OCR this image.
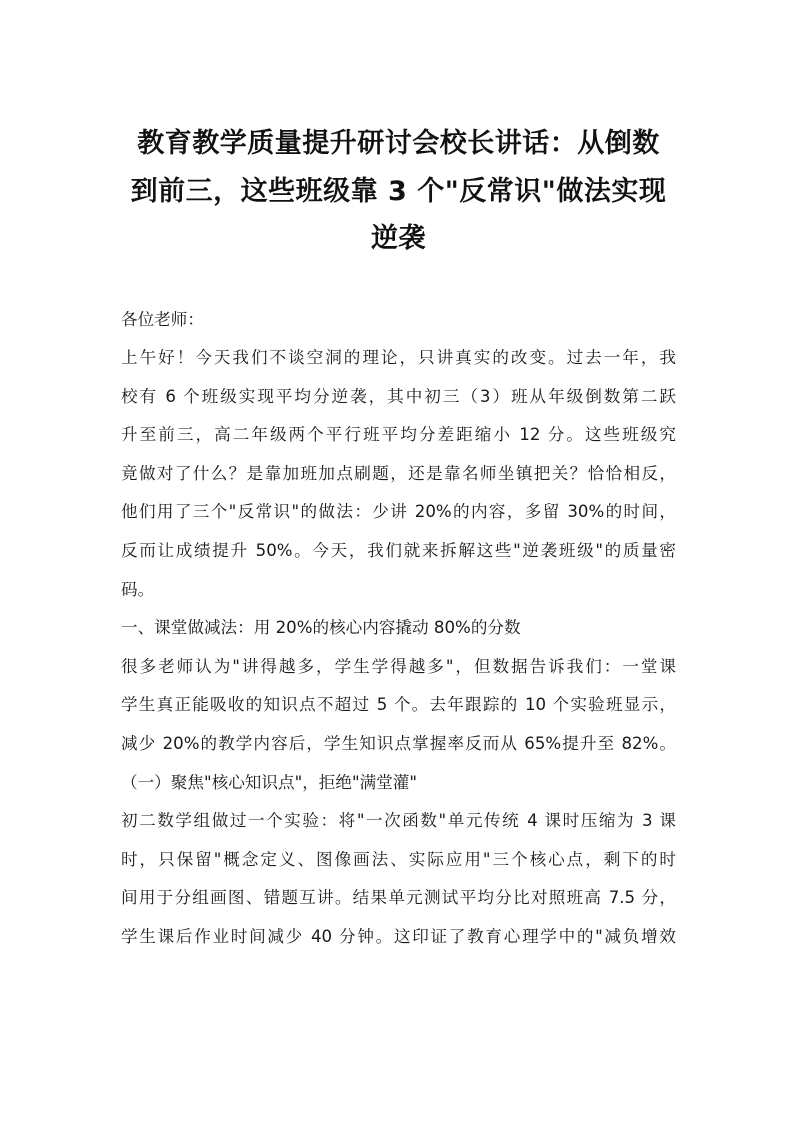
教育教学质量提升研讨会校长讲话：从倒数
到前三，这些班级靠 3 个"反常识"做法实现
逆袭
各位老师：
上午好！今天我们不谈空洞的理论，只讲真实的改变。过去一年，我
校有 6 个班级实现平均分逆袭，其中初三（3）班从年级倒数第二跃
升至前三，高二年级两个平行班平均分差距缩小 12 分。这些班级究
竟做对了什么？是靠加班加点刷题，还是靠名师坐镇把关？恰恰相反，
他们用了三个"反常识"的做法：少讲 20%的内容，多留 30%的时间，
反而让成绩提升 50%。今天，我们就来拆解这些"逆袭班级"的质量密
码。
一、课堂做减法：用 20%的核心内容撬动 80%的分数
很多老师认为"讲得越多，学生学得越多"，但数据告诉我们：一堂课
学生真正能吸收的知识点不超过 5 个。去年跟踪的 10 个实验班显示，
减少 20%的教学内容后，学生知识点掌握率反而从 65%提升至 82%。
（一）聚焦"核心知识点"，拒绝"满堂灌"
初二数学组做过一个实验：将"一次函数"单元传统 4 课时压缩为 3 课
时，只保留"概念定义、图像画法、实际应用"三个核心点，剩下的时
间用于分组画图、错题互讲。结果单元测试平均分比对照班高 7.5 分，
学生课后作业时间减少 40 分钟。这印证了教育心理学中的"减负增效
